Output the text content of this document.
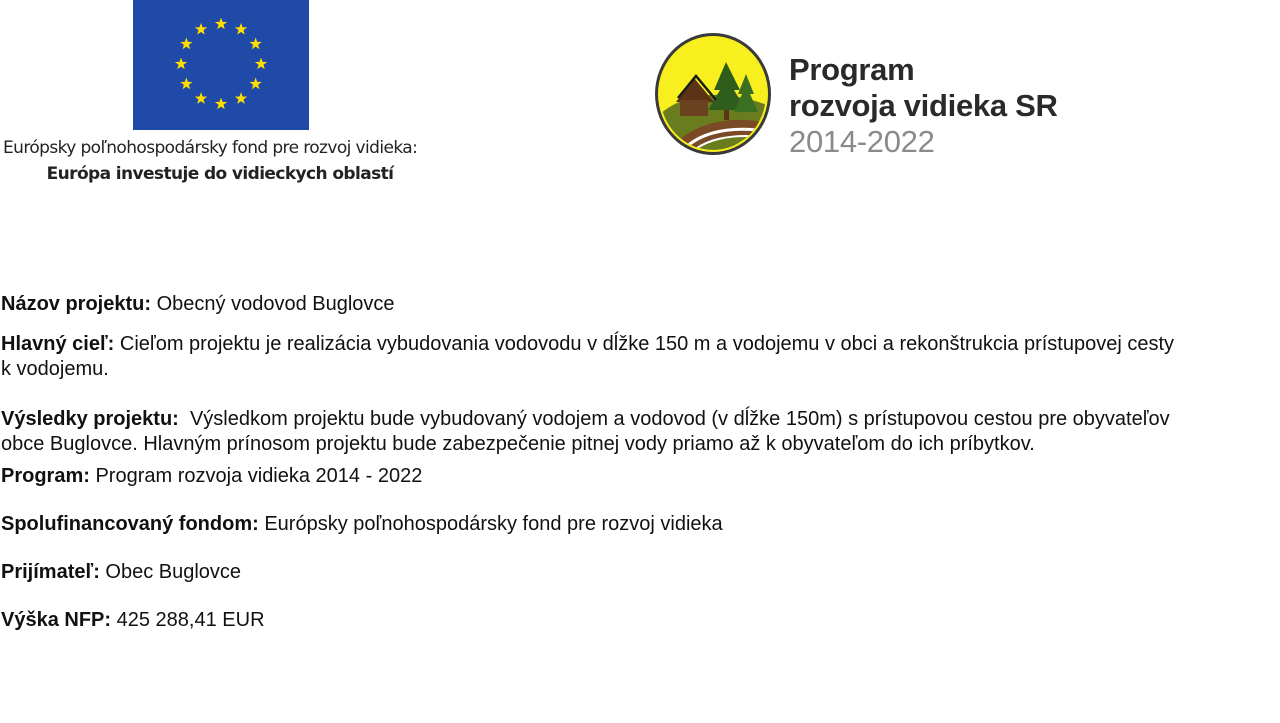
Európsky poľnohospodársky fond pre rozvoj vidieka:
Európa investuje do vidieckych oblastí
Program
rozvoja vidieka SR
2014-2022
Názov projektu: Obecný vodovod Buglovce
Hlavný cieľ: Cieľom projektu je realizácia vybudovania vodovodu v dĺžke 150 m a vodojemu v obci a rekonštrukcia prístupovej cesty
k vodojemu.
Výsledky projektu: Výsledkom projektu bude vybudovaný vodojem a vodovod (v dĺžke 150m) s prístupovou cestou pre obyvateľov
obce Buglovce. Hlavným prínosom projektu bude zabezpečenie pitnej vody priamo až k obyvateľom do ich príbytkov.
Program: Program rozvoja vidieka 2014 - 2022
Spolufinancovaný fondom: Európsky poľnohospodársky fond pre rozvoj vidieka
Prijímateľ: Obec Buglovce
Výška NFP: 425 288,41 EUR
